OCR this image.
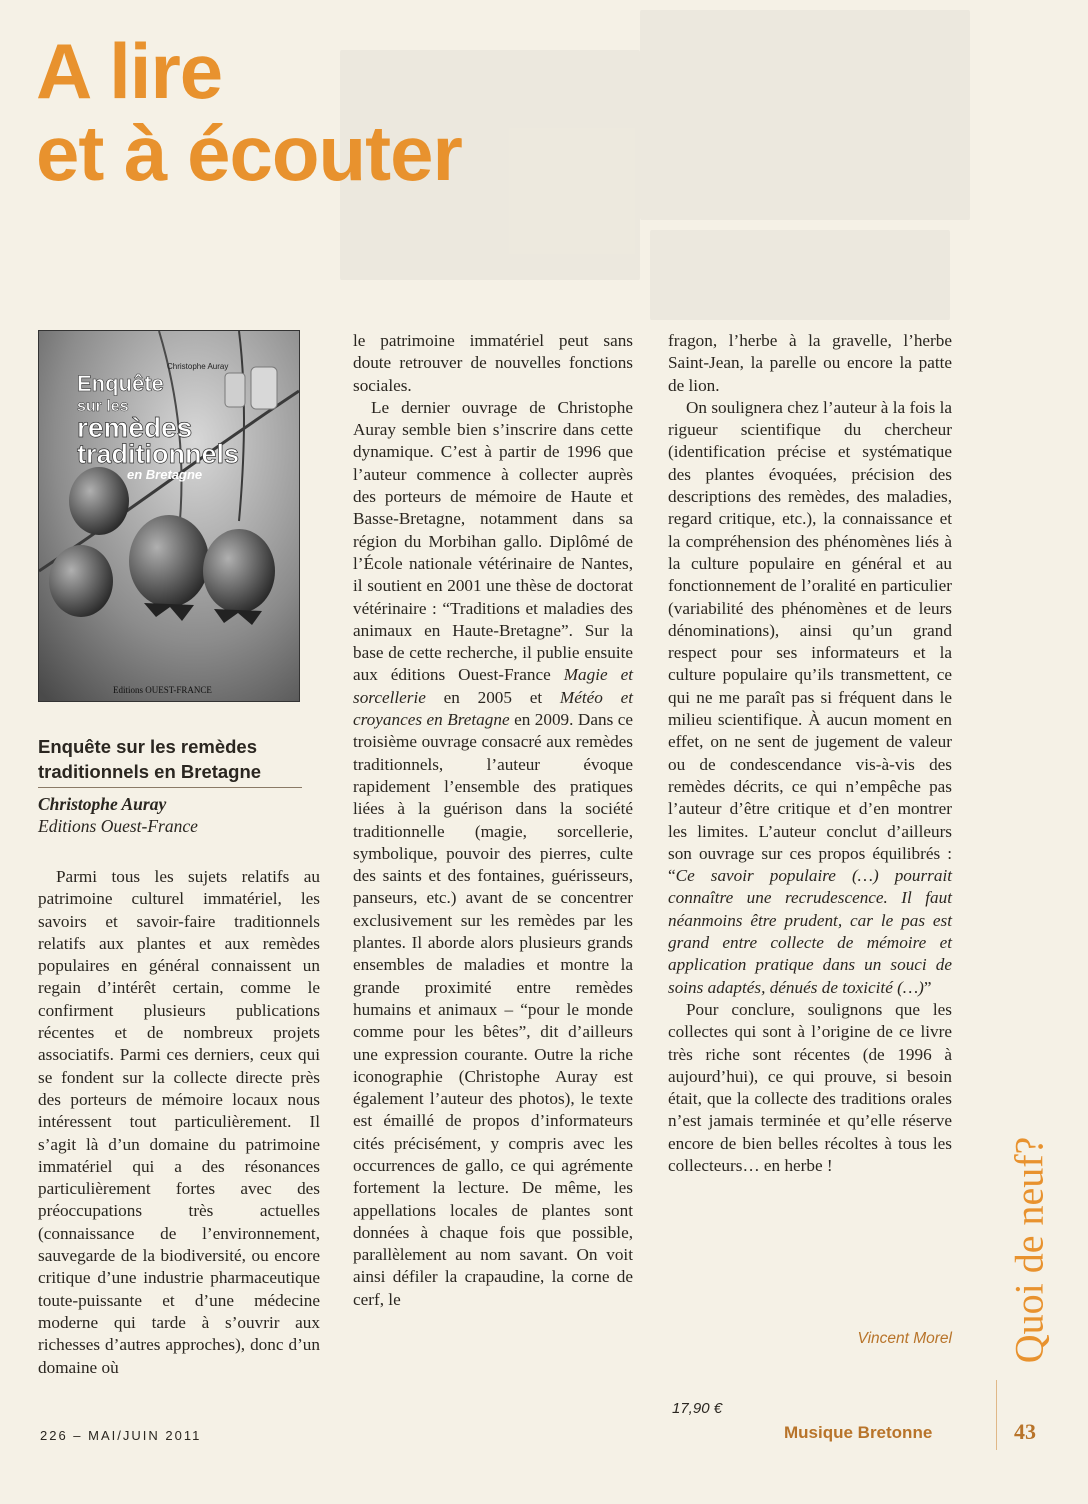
A lire
et à écouter
Christophe Auray
Enquête
sur les
remèdes
traditionnels
en Bretagne
Editions OUEST-FRANCE
Enquête sur les remèdes
traditionnels en Bretagne
Christophe Auray
Editions Ouest-France

Parmi tous les sujets relatifs au patrimoine culturel immatériel, les savoirs et savoir-faire traditionnels relatifs aux plantes et aux remèdes populaires en général connaissent un regain d’intérêt certain, comme le confirment plusieurs publications récentes et de nombreux projets associatifs. Parmi ces derniers, ceux qui se fondent sur la collecte directe près des porteurs de mémoire locaux nous intéressent tout particulièrement. Il s’agit là d’un domaine du patrimoine immatériel qui a des résonances particulièrement fortes avec des préoccupations très actuelles (connaissance de l’environnement, sauvegarde de la biodiversité, ou encore critique d’une industrie pharmaceutique toute-puissante et d’une médecine moderne qui tarde à s’ouvrir aux richesses d’autres approches), donc d’un domaine où

le patrimoine immatériel peut sans doute retrouver de nouvelles fonctions sociales.

Le dernier ouvrage de Christophe Auray semble bien s’inscrire dans cette dynamique. C’est à partir de 1996 que l’auteur commence à collecter auprès des porteurs de mémoire de Haute et Basse-Bretagne, notamment dans sa région du Morbihan gallo. Diplômé de l’École nationale vétérinaire de Nantes, il soutient en 2001 une thèse de doctorat vétérinaire : “Traditions et maladies des animaux en Haute-Bretagne”. Sur la base de cette recherche, il publie ensuite aux éditions Ouest-France Magie et sorcellerie en 2005 et Météo et croyances en Bretagne en 2009. Dans ce troisième ouvrage consacré aux remèdes traditionnels, l’auteur évoque rapidement l’ensemble des pratiques liées à la guérison dans la société traditionnelle (magie, sorcellerie, symbolique, pouvoir des pierres, culte des saints et des fontaines, guérisseurs, panseurs, etc.) avant de se concentrer exclusivement sur les remèdes par les plantes. Il aborde alors plusieurs grands ensembles de maladies et montre la grande proximité entre remèdes humains et animaux – “pour le monde comme pour les bêtes”, dit d’ailleurs une expression courante. Outre la riche iconographie (Christophe Auray est également l’auteur des photos), le texte est émaillé de propos d’informateurs cités précisément, y compris avec les occurrences de gallo, ce qui agrémente fortement la lecture. De même, les appellations locales de plantes sont données à chaque fois que possible, parallèlement au nom savant. On voit ainsi défiler la crapaudine, la corne de cerf, le

fragon, l’herbe à la gravelle, l’herbe Saint-Jean, la parelle ou encore la patte de lion.

On soulignera chez l’auteur à la fois la rigueur scientifique du chercheur (identification précise et systématique des plantes évoquées, précision des descriptions des remèdes, des maladies, regard critique, etc.), la connaissance et la compréhension des phénomènes liés à la culture populaire en général et au fonctionnement de l’oralité en particulier (variabilité des phénomènes et de leurs dénominations), ainsi qu’un grand respect pour ses informateurs et la culture populaire qu’ils transmettent, ce qui ne me paraît pas si fréquent dans le milieu scientifique. À aucun moment en effet, on ne sent de jugement de valeur ou de condescendance vis-à-vis des remèdes décrits, ce qui n’empêche pas l’auteur d’être critique et d’en montrer les limites. L’auteur conclut d’ailleurs son ouvrage sur ces propos équilibrés : “Ce savoir populaire (…) pourrait connaître une recrudescence. Il faut néanmoins être prudent, car le pas est grand entre collecte de mémoire et application pratique dans un souci de soins adaptés, dénués de toxicité (…)”

Pour conclure, soulignons que les collectes qui sont à l’origine de ce livre très riche sont récentes (de 1996 à aujourd’hui), ce qui prouve, si besoin était, que la collecte des traditions orales n’est jamais terminée et qu’elle réserve encore de bien belles récoltes à tous les collecteurs… en herbe !

Vincent Morel
17,90 €
Quoi de neuf?
226 – MAI/JUIN 2011	Musique Bretonne	43
